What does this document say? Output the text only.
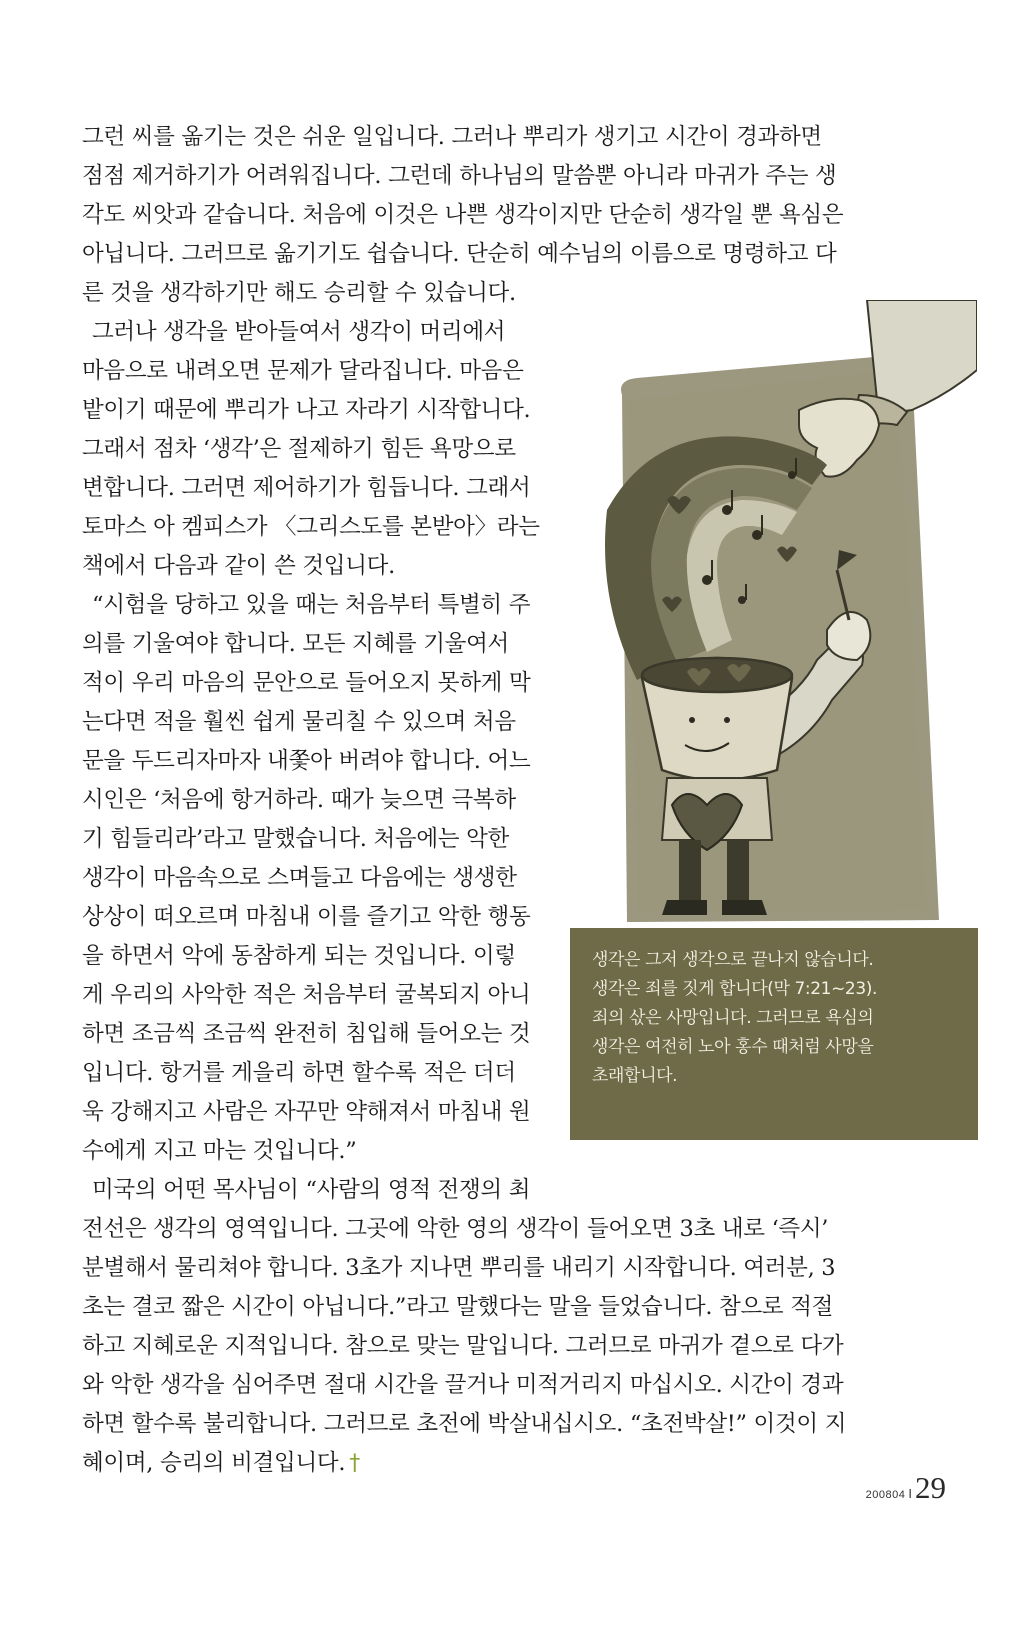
그런 씨를 옮기는 것은 쉬운 일입니다. 그러나 뿌리가 생기고 시간이 경과하면
점점 제거하기가 어려워집니다. 그런데 하나님의 말씀뿐 아니라 마귀가 주는 생
각도 씨앗과 같습니다. 처음에 이것은 나쁜 생각이지만 단순히 생각일 뿐 욕심은
아닙니다. 그러므로 옮기기도 쉽습니다. 단순히 예수님의 이름으로 명령하고 다
른 것을 생각하기만 해도 승리할 수 있습니다.
그러나 생각을 받아들여서 생각이 머리에서
마음으로 내려오면 문제가 달라집니다. 마음은
밭이기 때문에 뿌리가 나고 자라기 시작합니다.
그래서 점차 ‘생각’은 절제하기 힘든 욕망으로
변합니다. 그러면 제어하기가 힘듭니다. 그래서
토마스 아 켐피스가 〈그리스도를 본받아〉라는
책에서 다음과 같이 쓴 것입니다.
“시험을 당하고 있을 때는 처음부터 특별히 주
의를 기울여야 합니다. 모든 지혜를 기울여서
적이 우리 마음의 문안으로 들어오지 못하게 막
는다면 적을 훨씬 쉽게 물리칠 수 있으며 처음
문을 두드리자마자 내쫓아 버려야 합니다. 어느
시인은 ‘처음에 항거하라. 때가 늦으면 극복하
기 힘들리라’라고 말했습니다. 처음에는 악한
생각이 마음속으로 스며들고 다음에는 생생한
상상이 떠오르며 마침내 이를 즐기고 악한 행동
을 하면서 악에 동참하게 되는 것입니다. 이렇
게 우리의 사악한 적은 처음부터 굴복되지 아니
하면 조금씩 조금씩 완전히 침입해 들어오는 것
입니다. 항거를 게을리 하면 할수록 적은 더더
욱 강해지고 사람은 자꾸만 약해져서 마침내 원
수에게 지고 마는 것입니다.”
미국의 어떤 목사님이 “사람의 영적 전쟁의 최
전선은 생각의 영역입니다. 그곳에 악한 영의 생각이 들어오면 3초 내로 ‘즉시’
분별해서 물리쳐야 합니다. 3초가 지나면 뿌리를 내리기 시작합니다. 여러분, 3
초는 결코 짧은 시간이 아닙니다.”라고 말했다는 말을 들었습니다. 참으로 적절
하고 지혜로운 지적입니다. 참으로 맞는 말입니다. 그러므로 마귀가 곁으로 다가
와 악한 생각을 심어주면 절대 시간을 끌거나 미적거리지 마십시오. 시간이 경과
하면 할수록 불리합니다. 그러므로 초전에 박살내십시오. “초전박살!” 이것이 지
혜이며, 승리의 비결입니다. †
생각은 그저 생각으로 끝나지 않습니다.
생각은 죄를 짓게 합니다(막 7:21~23).
죄의 삯은 사망입니다. 그러므로 욕심의
생각은 여전히 노아 홍수 때처럼 사망을
초래합니다.
200804 I29
